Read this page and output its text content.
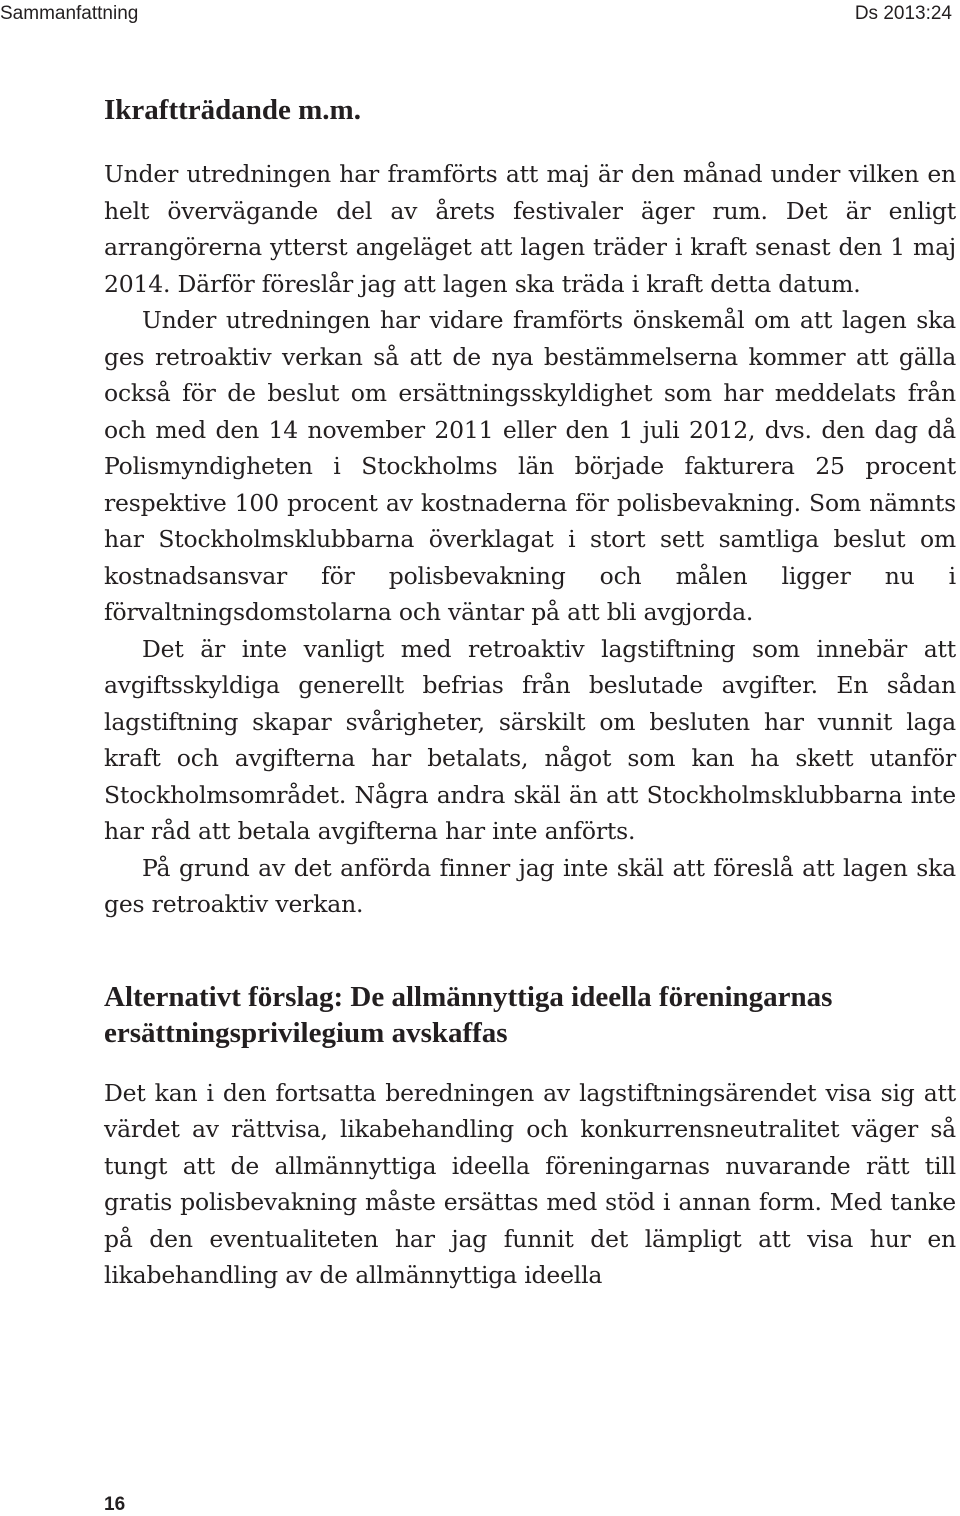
Sammanfattning	Ds 2013:24
Ikraftträdande m.m.

Under utredningen har framförts att maj är den månad under vilken en helt övervägande del av årets festivaler äger rum. Det är enligt arrangörerna ytterst angeläget att lagen träder i kraft senast den 1 maj 2014. Därför föreslår jag att lagen ska träda i kraft detta datum.

Under utredningen har vidare framförts önskemål om att lagen ska ges retroaktiv verkan så att de nya bestämmelserna kommer att gälla också för de beslut om ersättningsskyldighet som har meddelats från och med den 14 november 2011 eller den 1 juli 2012, dvs. den dag då Polismyndigheten i Stockholms län började fakturera 25 procent respektive 100 procent av kostnaderna för polisbevakning. Som nämnts har Stockholmsklubbarna överklagat i stort sett samtliga beslut om kostnadsansvar för polisbevakning och målen ligger nu i förvaltningsdomstolarna och väntar på att bli avgjorda.

Det är inte vanligt med retroaktiv lagstiftning som innebär att avgiftsskyldiga generellt befrias från beslutade avgifter. En sådan lagstiftning skapar svårigheter, särskilt om besluten har vunnit laga kraft och avgifterna har betalats, något som kan ha skett utanför Stockholmsområdet. Några andra skäl än att Stockholmsklubbarna inte har råd att betala avgifterna har inte anförts.

På grund av det anförda finner jag inte skäl att föreslå att lagen ska ges retroaktiv verkan.

Alternativt förslag: De allmännyttiga ideella föreningarnas ersättningsprivilegium avskaffas

Det kan i den fortsatta beredningen av lagstiftningsärendet visa sig att värdet av rättvisa, likabehandling och konkurrensneutralitet väger så tungt att de allmännyttiga ideella föreningarnas nuvarande rätt till gratis polisbevakning måste ersättas med stöd i annan form. Med tanke på den eventualiteten har jag funnit det lämpligt att visa hur en likabehandling av de allmännyttiga ideella

16
